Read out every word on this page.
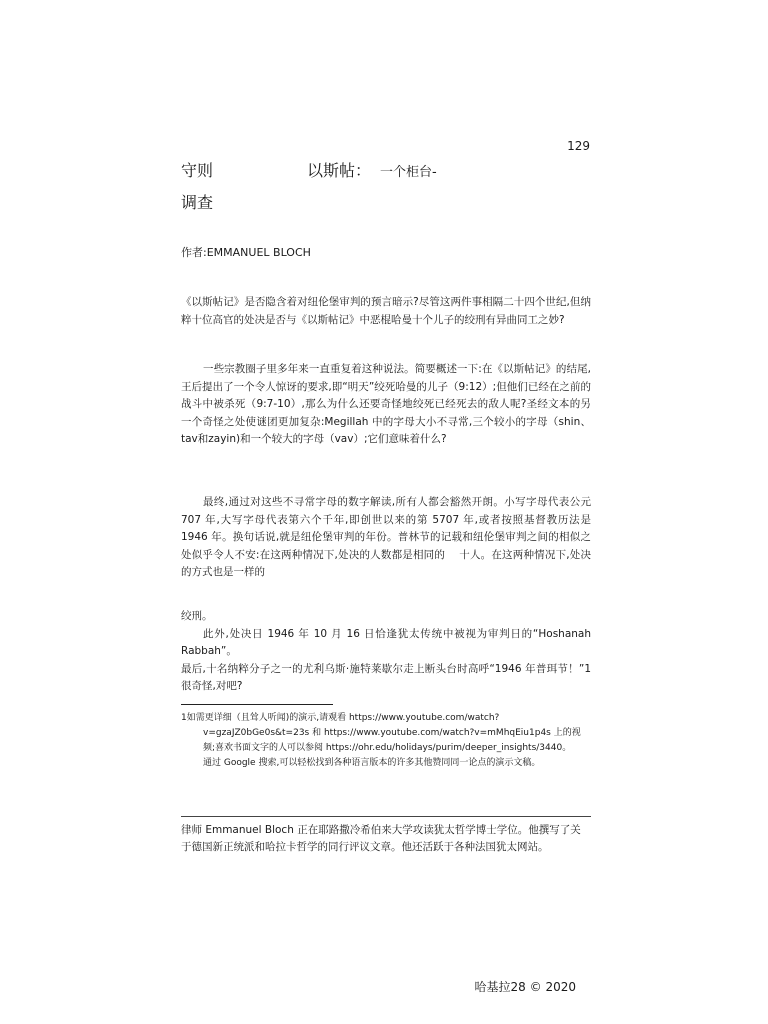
129
守则	以斯帖： 一个柜台-
调查
作者:EMMANUEL BLOCH

《以斯帖记》是否隐含着对纽伦堡审判的预言暗示?尽管这两件事相隔二十四个世纪,但纳粹十位高官的处决是否与《以斯帖记》中恶棍哈曼十个儿子的绞刑有异曲同工之妙?

一些宗教圈子里多年来一直重复着这种说法。简要概述一下:在《以斯帖记》的结尾,王后提出了一个令人惊讶的要求,即“明天”绞死哈曼的儿子（9:12）;但他们已经在之前的战斗中被杀死（9:7-10）,那么为什么还要奇怪地绞死已经死去的敌人呢?圣经文本的另一个奇怪之处使谜团更加复杂:Megillah 中的字母大小不寻常,三个较小的字母（shin、 tav和zayin)和一个较大的字母（vav）;它们意味着什么?

最终,通过对这些不寻常字母的数字解读,所有人都会豁然开朗。小写字母代表公元 707 年,大写字母代表第六个千年,即创世以来的第 5707 年,或者按照基督教历法是 1946 年。换句话说,就是纽伦堡审判的年份。普林节的记载和纽伦堡审判之间的相似之处似乎令人不安:在这两种情况下,处决的人数都是相同的 十人。在这两种情况下,处决的方式也是一样的

绞刑。
此外,处决日 1946 年 10 月 16 日恰逢犹太传统中被视为审判日的“Hoshanah Rabbah”。
最后,十名纳粹分子之一的尤利乌斯·施特莱歇尔走上断头台时高呼“1946 年普珥节！”1很奇怪,对吧?

1如需更详细（且耸人听闻)的演示,请观看 https://www.youtube.com/watch?
v=gzaJZ0bGe0s&t=23s 和 https://www.youtube.com/watch?v=mMhqEiu1p4s 上的视频;喜欢书面文字的人可以参阅 https://ohr.edu/holidays/purim/deeper_insights/3440。
通过 Google 搜索,可以轻松找到各种语言版本的许多其他赞同同一论点的演示文稿。

律师 Emmanuel Bloch 正在耶路撒冷希伯来大学攻读犹太哲学博士学位。他撰写了关于德国新正统派和哈拉卡哲学的同行评议文章。他还活跃于各种法国犹太网站。

哈基拉28 © 2020
